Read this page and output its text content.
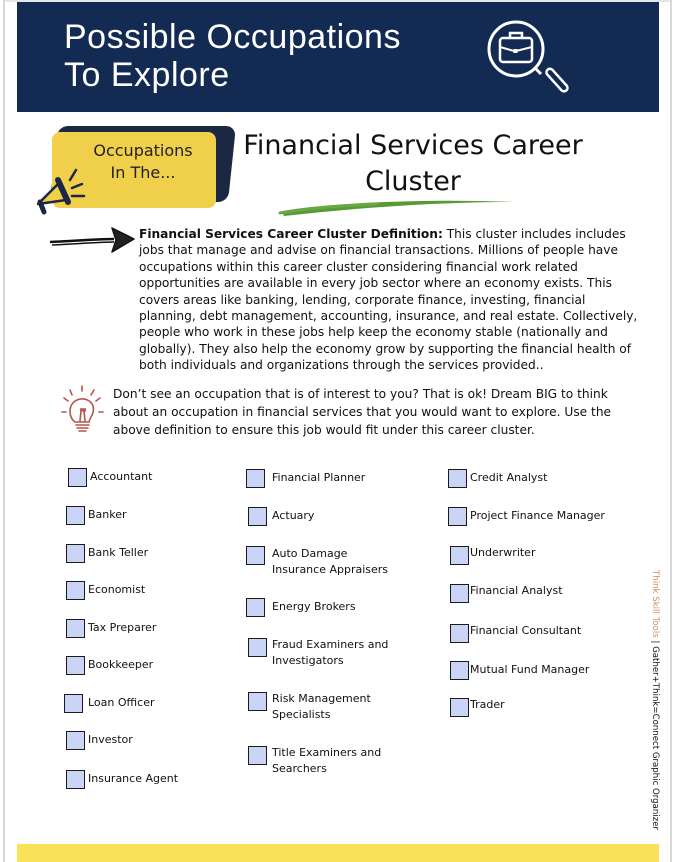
Possible Occupations
To Explore
Occupations
In The...
Financial Services Career
Cluster
Financial Services Career Cluster Definition: This cluster includes includes jobs that manage and advise on financial transactions. Millions of people have occupations within this career cluster considering financial work related opportunities are available in every job sector where an economy exists. This covers areas like banking, lending, corporate finance, investing, financial planning, debt management, accounting, insurance, and real estate. Collectively, people who work in these jobs help keep the economy stable (nationally and globally). They also help the economy grow by supporting the financial health of both individuals and organizations through the services provided..
Don’t see an occupation that is of interest to you? That is ok! Dream BIG to think about an occupation in financial services that you would want to explore. Use the above definition to ensure this job would fit under this career cluster.
Accountant
Banker
Bank Teller
Economist
Tax Preparer
Bookkeeper
Loan Officer
Investor
Insurance Agent
Financial Planner
Actuary
Auto Damage
Insurance Appraisers
Energy Brokers
Fraud Examiners and
Investigators
Risk Management
Specialists
Title Examiners and
Searchers
Credit Analyst
Project Finance Manager
Underwriter
Financial Analyst
Financial Consultant
Mutual Fund Manager
Trader
Think Skill Tools | Gather+Think=Connect Graphic Organizer
